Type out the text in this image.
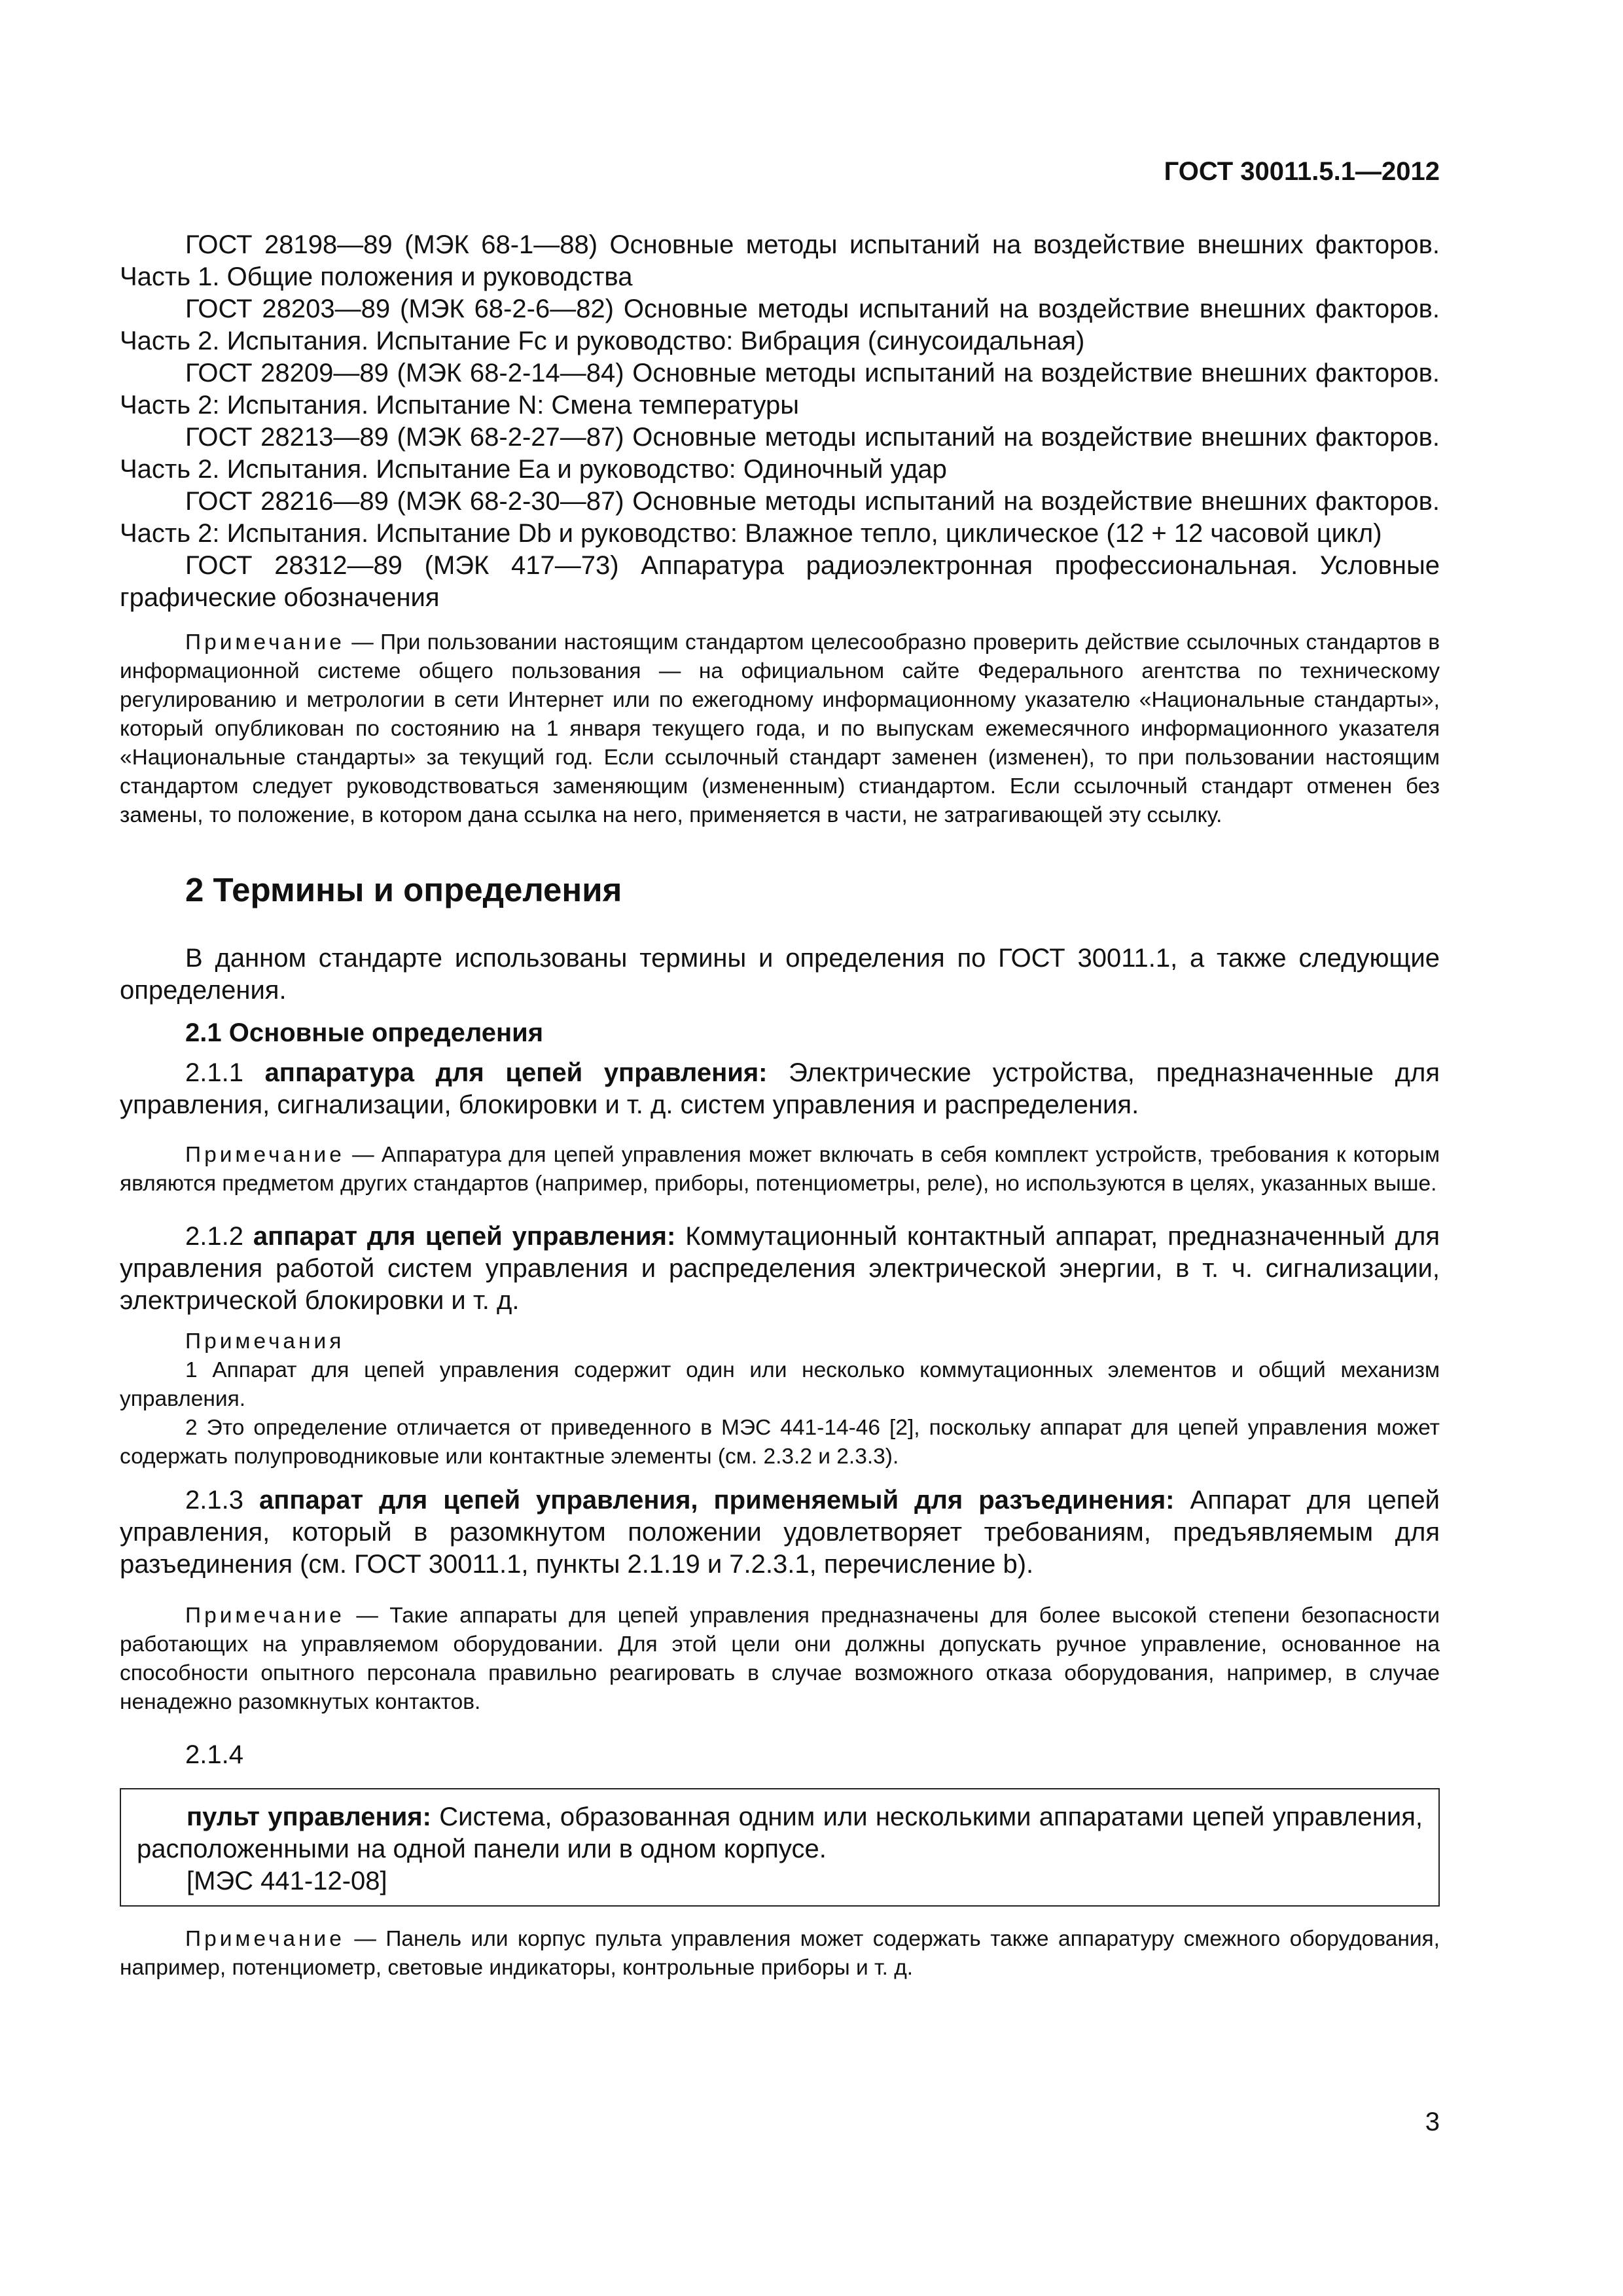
ГОСТ 30011.5.1—2012

ГОСТ 28198—89 (МЭК 68-1—88) Основные методы испытаний на воздействие внешних факторов. Часть 1. Общие положения и руководства

ГОСТ 28203—89 (МЭК 68-2-6—82) Основные методы испытаний на воздействие внешних факторов. Часть 2. Испытания. Испытание Fc и руководство: Вибрация (синусоидальная)

ГОСТ 28209—89 (МЭК 68-2-14—84) Основные методы испытаний на воздействие внешних факторов. Часть 2: Испытания. Испытание N: Смена температуры

ГОСТ 28213—89 (МЭК 68-2-27—87) Основные методы испытаний на воздействие внешних факторов. Часть 2. Испытания. Испытание Ea и руководство: Одиночный удар

ГОСТ 28216—89 (МЭК 68-2-30—87) Основные методы испытаний на воздействие внешних факторов. Часть 2: Испытания. Испытание Db и руководство: Влажное тепло, циклическое (12 + 12 часовой цикл)

ГОСТ 28312—89 (МЭК 417—73) Аппаратура радиоэлектронная профессиональная. Условные графические обозначения

Примечание — При пользовании настоящим стандартом целесообразно проверить действие ссылочных стандартов в информационной системе общего пользования — на официальном сайте Федерального агентства по техническому регулированию и метрологии в сети Интернет или по ежегодному информационному указателю «Национальные стандарты», который опубликован по состоянию на 1 января текущего года, и по выпускам ежемесячного информационного указателя «Национальные стандарты» за текущий год. Если ссылочный стандарт заменен (изменен), то при пользовании настоящим стандартом следует руководствоваться заменяющим (измененным) стиандартом. Если ссылочный стандарт отменен без замены, то положение, в котором дана ссылка на него, применяется в части, не затрагивающей эту ссылку.

2 Термины и определения

В данном стандарте использованы термины и определения по ГОСТ 30011.1, а также следующие определения.

2.1 Основные определения

2.1.1 аппаратура для цепей управления: Электрические устройства, предназначенные для управления, сигнализации, блокировки и т. д. систем управления и распределения.

Примечание — Аппаратура для цепей управления может включать в себя комплект устройств, требования к которым являются предметом других стандартов (например, приборы, потенциометры, реле), но используются в целях, указанных выше.

2.1.2 аппарат для цепей управления: Коммутационный контактный аппарат, предназначенный для управления работой систем управления и распределения электрической энергии, в т. ч. сигнализации, электрической блокировки и т. д.

Примечания

1 Аппарат для цепей управления содержит один или несколько коммутационных элементов и общий механизм управления.

2 Это определение отличается от приведенного в МЭС 441-14-46 [2], поскольку аппарат для цепей управления может содержать полупроводниковые или контактные элементы (см. 2.3.2 и 2.3.3).

2.1.3 аппарат для цепей управления, применяемый для разъединения: Аппарат для цепей управления, который в разомкнутом положении удовлетворяет требованиям, предъявляемым для разъединения (см. ГОСТ 30011.1, пункты 2.1.19 и 7.2.3.1, перечисление b).

Примечание — Такие аппараты для цепей управления предназначены для более высокой степени безопасности работающих на управляемом оборудовании. Для этой цели они должны допускать ручное управление, основанное на способности опытного персонала правильно реагировать в случае возможного отказа оборудования, например, в случае ненадежно разомкнутых контактов.

2.1.4

пульт управления: Система, образованная одним или несколькими аппаратами цепей управления, расположенными на одной панели или в одном корпусе.

[МЭС 441-12-08]

Примечание — Панель или корпус пульта управления может содержать также аппаратуру смежного оборудования, например, потенциометр, световые индикаторы, контрольные приборы и т. д.

3
